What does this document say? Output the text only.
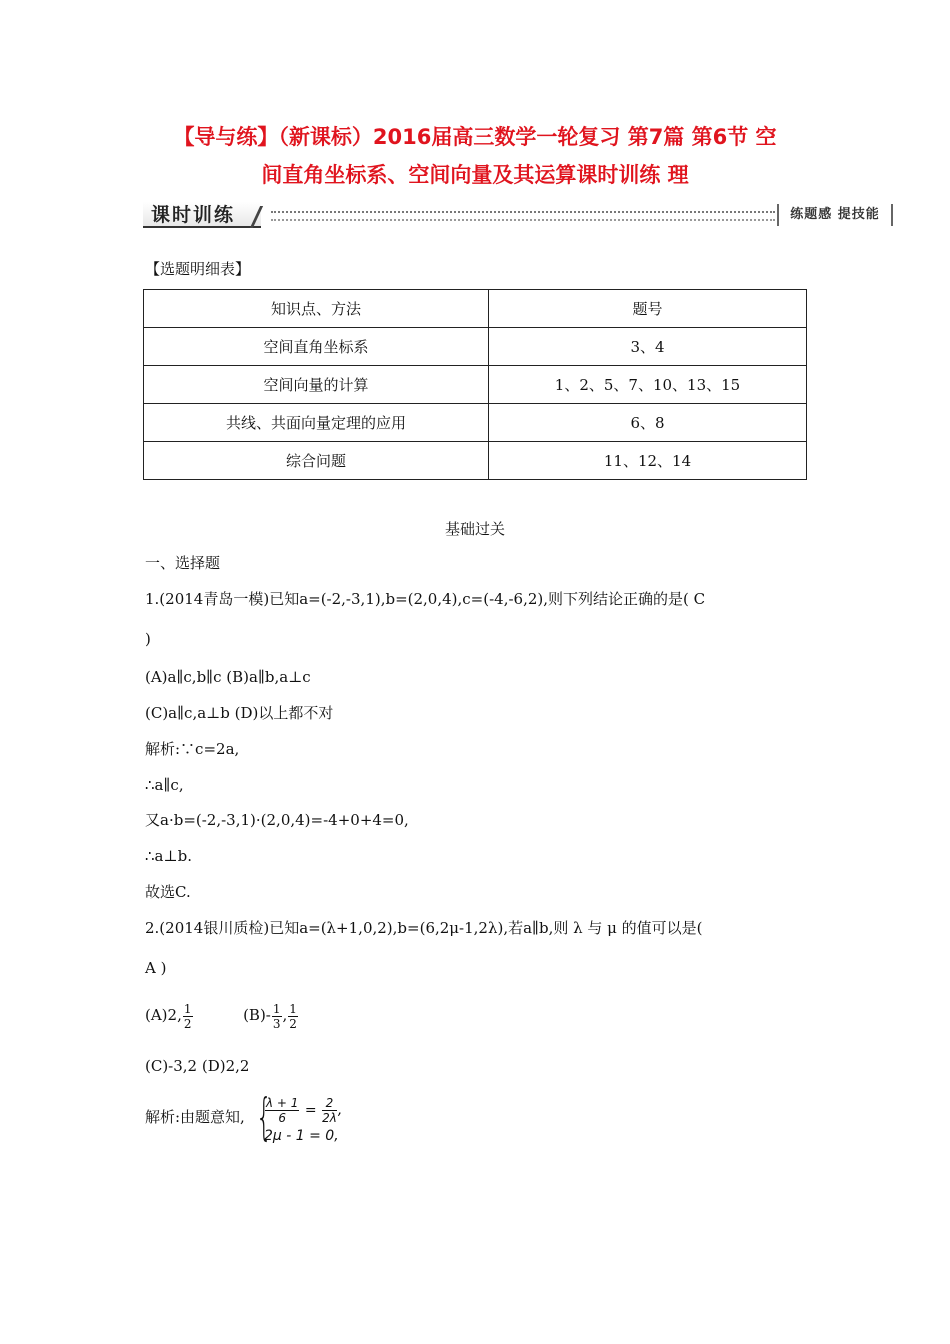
【导与练】（新课标）2016届高三数学一轮复习 第7篇 第6节 空
间直角坐标系、空间向量及其运算课时训练 理
课时训练	练题感 提技能
【选题明细表】
知识点、方法	题号
空间直角坐标系	3、4
空间向量的计算	1、2、5、7、10、13、15
共线、共面向量定理的应用	6、8
综合问题	11、12、14
基础过关
一、选择题
1.(2014青岛一模)已知a=(-2,-3,1),b=(2,0,4),c=(-4,-6,2),则下列结论正确的是( C
)
(A)a∥c,b∥c (B)a∥b,a⊥c
(C)a∥c,a⊥b (D)以上都不对
解析:∵c=2a,
∴a∥c,
又a·b=(-2,-3,1)·(2,0,4)=-4+0+4=0,
∴a⊥b.
故选C.
2.(2014银川质检)已知a=(λ+1,0,2),b=(6,2μ-1,2λ),若a∥b,则 λ 与 μ 的值可以是(
A )
(A)2, $\frac{1}{2}$	$(B)- \frac{1}{3}$ , $\frac{1}{2}$
(C)-3,2 (D)2,2
解析:由题意知, {
$\frac{\lambda + 1}{6} = \frac{2}{2\lambda}$ ,
2μ - 1 = 0,
